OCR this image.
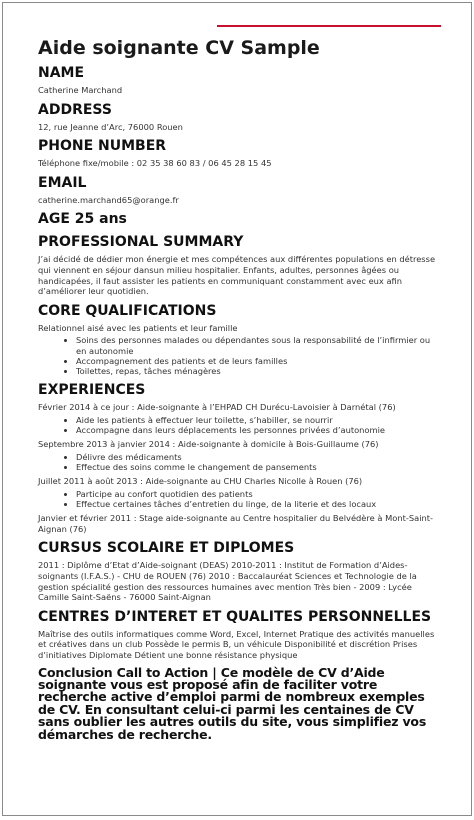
Aide soignante CV Sample
NAME
Catherine Marchand
ADDRESS
12, rue Jeanne d’Arc, 76000 Rouen
PHONE NUMBER
Téléphone fixe/mobile : 02 35 38 60 83 / 06 45 28 15 45
EMAIL
catherine.marchand65@orange.fr
AGE 25 ans
PROFESSIONAL SUMMARY
J’ai décidé de dédier mon énergie et mes compétences aux différentes populations en détresse qui viennent en séjour dansun milieu hospitalier. Enfants, adultes, personnes âgées ou handicapées, il faut assister les patients en communiquant constamment avec eux afin d’améliorer leur quotidien.
CORE QUALIFICATIONS
Relationnel aisé avec les patients et leur famille
• Soins des personnes malades ou dépendantes sous la responsabilité de l’infirmier ou en autonomie
• Accompagnement des patients et de leurs familles
• Toilettes, repas, tâches ménagères
EXPERIENCES
Février 2014 à ce jour : Aide-soignante à l’EHPAD CH Durécu-Lavoisier à Darnétal (76)
• Aide les patients à effectuer leur toilette, s’habiller, se nourrir
• Accompagne dans leurs déplacements les personnes privées d’autonomie
Septembre 2013 à janvier 2014 : Aide-soignante à domicile à Bois-Guillaume (76)
• Délivre des médicaments
• Effectue des soins comme le changement de pansements
Juillet 2011 à août 2013 : Aide-soignante au CHU Charles Nicolle à Rouen (76)
• Participe au confort quotidien des patients
• Effectue certaines tâches d’entretien du linge, de la literie et des locaux
Janvier et février 2011 : Stage aide-soignante au Centre hospitalier du Belvédère à Mont-Saint-Aignan (76)
CURSUS SCOLAIRE ET DIPLOMES
2011 : Diplôme d’Etat d’Aide-soignant (DEAS) 2010-2011 : Institut de Formation d’Aides-soignants (I.F.A.S.) - CHU de ROUEN (76) 2010 : Baccalauréat Sciences et Technologie de la gestion spécialité gestion des ressources humaines avec mention Très bien - 2009 : Lycée Camille Saint-Saëns - 76000 Saint-Aignan
CENTRES D’INTERET ET QUALITES PERSONNELLES
Maîtrise des outils informatiques comme Word, Excel, Internet Pratique des activités manuelles et créatives dans un club Possède le permis B, un véhicule Disponibilité et discrétion Prises d’initiatives Diplomate Détient une bonne résistance physique
Conclusion Call to Action | Ce modèle de CV d’Aide soignante vous est proposé afin de faciliter votre recherche active d’emploi parmi de nombreux exemples de CV. En consultant celui-ci parmi les centaines de CV sans oublier les autres outils du site, vous simplifiez vos démarches de recherche.
